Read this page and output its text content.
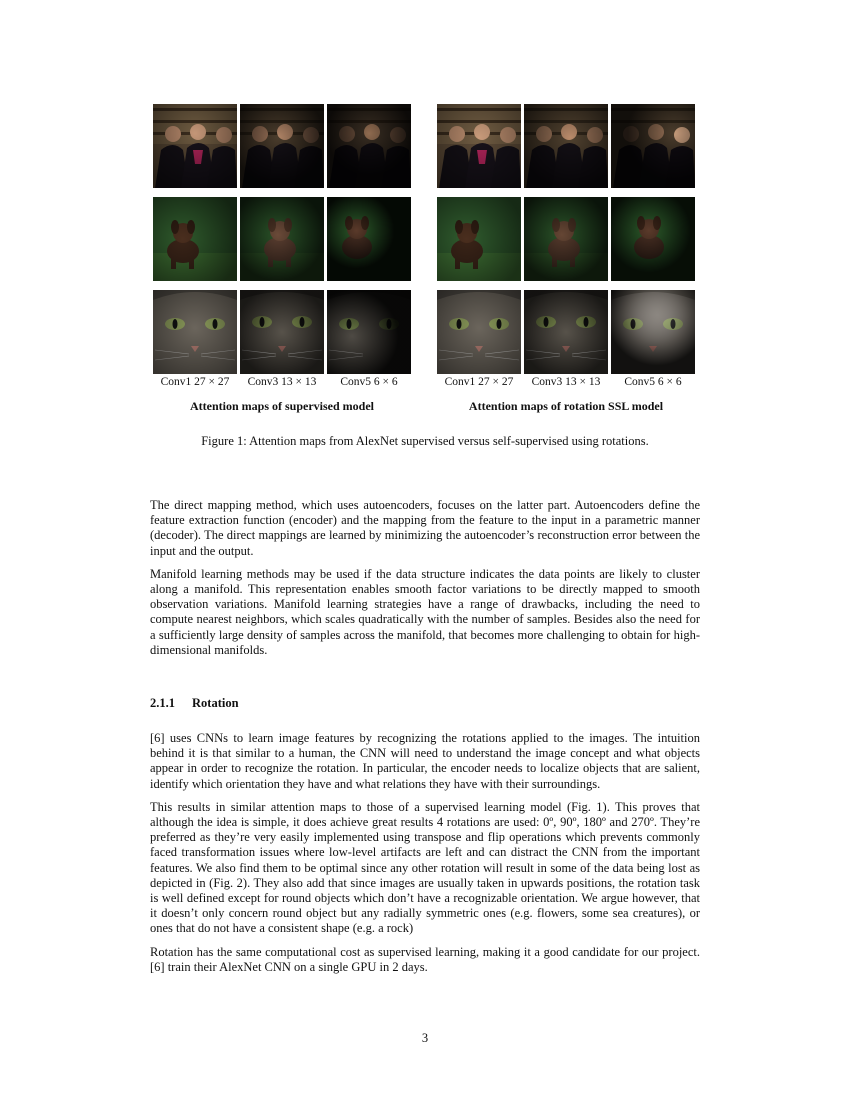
Conv1 27 × 27	Conv3 13 × 13	Conv5 6 × 6
Attention maps of supervised model
Conv1 27 × 27	Conv3 13 × 13	Conv5 6 × 6
Attention maps of rotation SSL model
Figure 1: Attention maps from AlexNet supervised versus self-supervised using rotations.

The direct mapping method, which uses autoencoders, focuses on the latter part. Autoencoders define the feature extraction function (encoder) and the mapping from the feature to the input in a parametric manner (decoder). The direct mappings are learned by minimizing the autoencoder’s reconstruction error between the input and the output.

Manifold learning methods may be used if the data structure indicates the data points are likely to cluster along a manifold. This representation enables smooth factor variations to be directly mapped to smooth observation variations. Manifold learning strategies have a range of drawbacks, including the need to compute nearest neighbors, which scales quadratically with the number of samples. Besides also the need for a sufficiently large density of samples across the manifold, that becomes more challenging to obtain for high-dimensional manifolds.

2.1.1 Rotation

[6] uses CNNs to learn image features by recognizing the rotations applied to the images. The intuition behind it is that similar to a human, the CNN will need to understand the image concept and what objects appear in order to recognize the rotation. In particular, the encoder needs to localize objects that are salient, identify which orientation they have and what relations they have with their surroundings.

This results in similar attention maps to those of a supervised learning model (Fig. 1). This proves that although the idea is simple, it does achieve great results 4 rotations are used: 0º, 90º, 180º and 270º. They’re preferred as they’re very easily implemented using transpose and flip operations which prevents commonly faced transformation issues where low-level artifacts are left and can distract the CNN from the important features. We also find them to be optimal since any other rotation will result in some of the data being lost as depicted in (Fig. 2). They also add that since images are usually taken in upwards positions, the rotation task is well defined except for round objects which don’t have a recognizable orientation. We argue however, that it doesn’t only concern round object but any radially symmetric ones (e.g. flowers, some sea creatures), or ones that do not have a consistent shape (e.g. a rock)

Rotation has the same computational cost as supervised learning, making it a good candidate for our project. [6] train their AlexNet CNN on a single GPU in 2 days.

3
